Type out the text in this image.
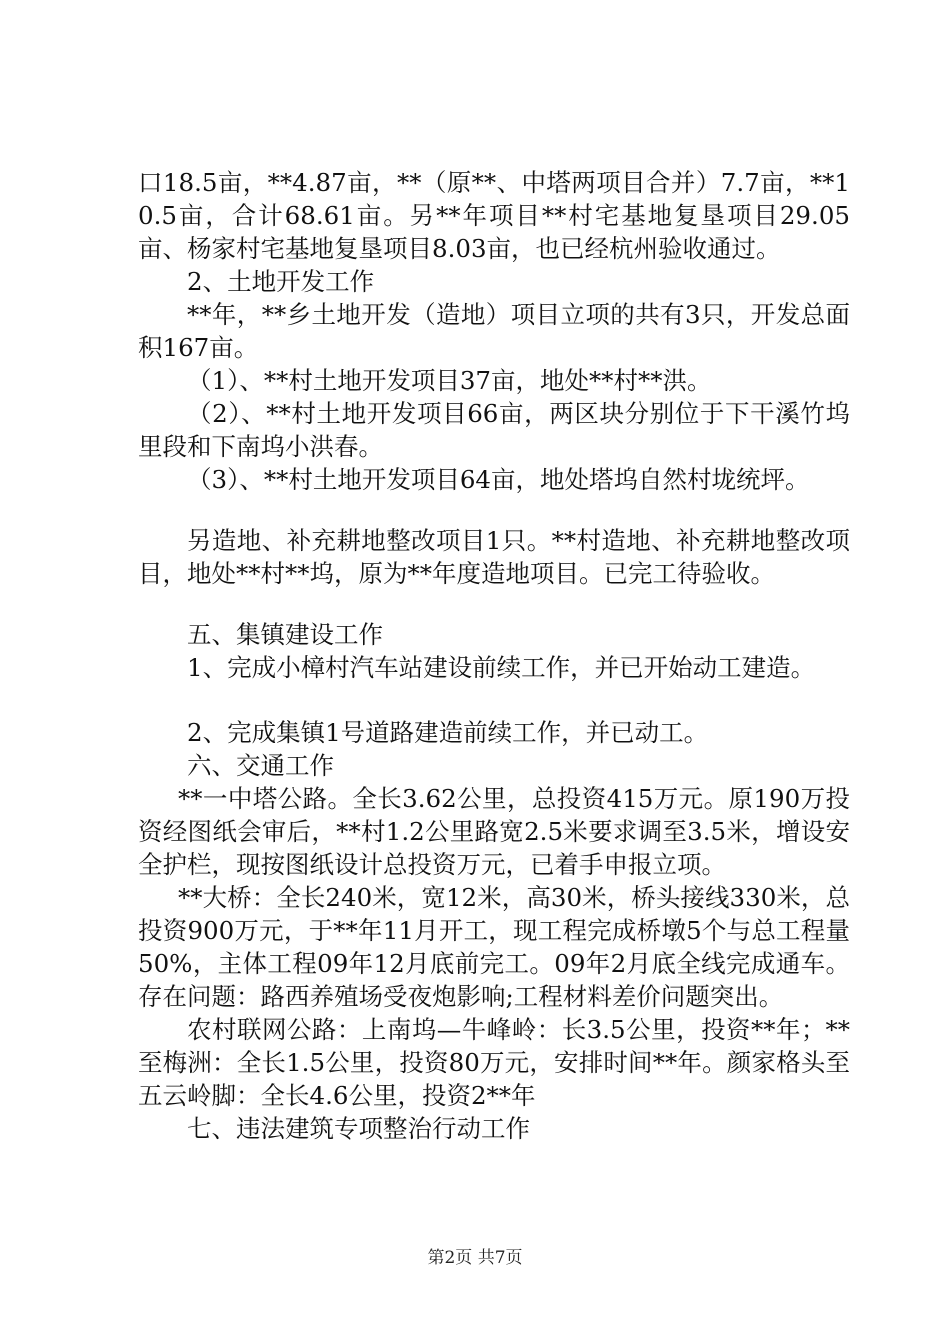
口18.5亩，**4.87亩，**（原**、中塔两项目合并）7.7亩，**10.5亩，合计68.61亩。另**年项目**村宅基地复垦项目29.05亩、杨家村宅基地复垦项目8.03亩，也已经杭州验收通过。

2、土地开发工作

**年，**乡土地开发（造地）项目立项的共有3只，开发总面积167亩。

（1）、**村土地开发项目37亩，地处**村**洪。

（2）、**村土地开发项目66亩，两区块分别位于下干溪竹坞里段和下南坞小洪春。

（3）、**村土地开发项目64亩，地处塔坞自然村垅统坪。

另造地、补充耕地整改项目1只。**村造地、补充耕地整改项目，地处**村**坞，原为**年度造地项目。已完工待验收。

五、集镇建设工作

1、完成小樟村汽车站建设前续工作，并已开始动工建造。

2、完成集镇1号道路建造前续工作，并已动工。

六、交通工作

**一中塔公路。全长3.62公里，总投资415万元。原190万投资经图纸会审后，**村1.2公里路宽2.5米要求调至3.5米，增设安全护栏，现按图纸设计总投资万元，已着手申报立项。

**大桥：全长240米，宽12米，高30米，桥头接线330米，总投资900万元，于**年11月开工，现工程完成桥墩5个与总工程量50%，主体工程09年12月底前完工。09年2月底全线完成通车。存在问题：路西养殖场受夜炮影响;工程材料差价问题突出。

农村联网公路：上南坞—牛峰岭：长3.5公里，投资**年；**至梅洲：全长1.5公里，投资80万元，安排时间**年。颜家格头至五云岭脚：全长4.6公里，投资2**年

七、违法建筑专项整治行动工作

第2页 共7页
